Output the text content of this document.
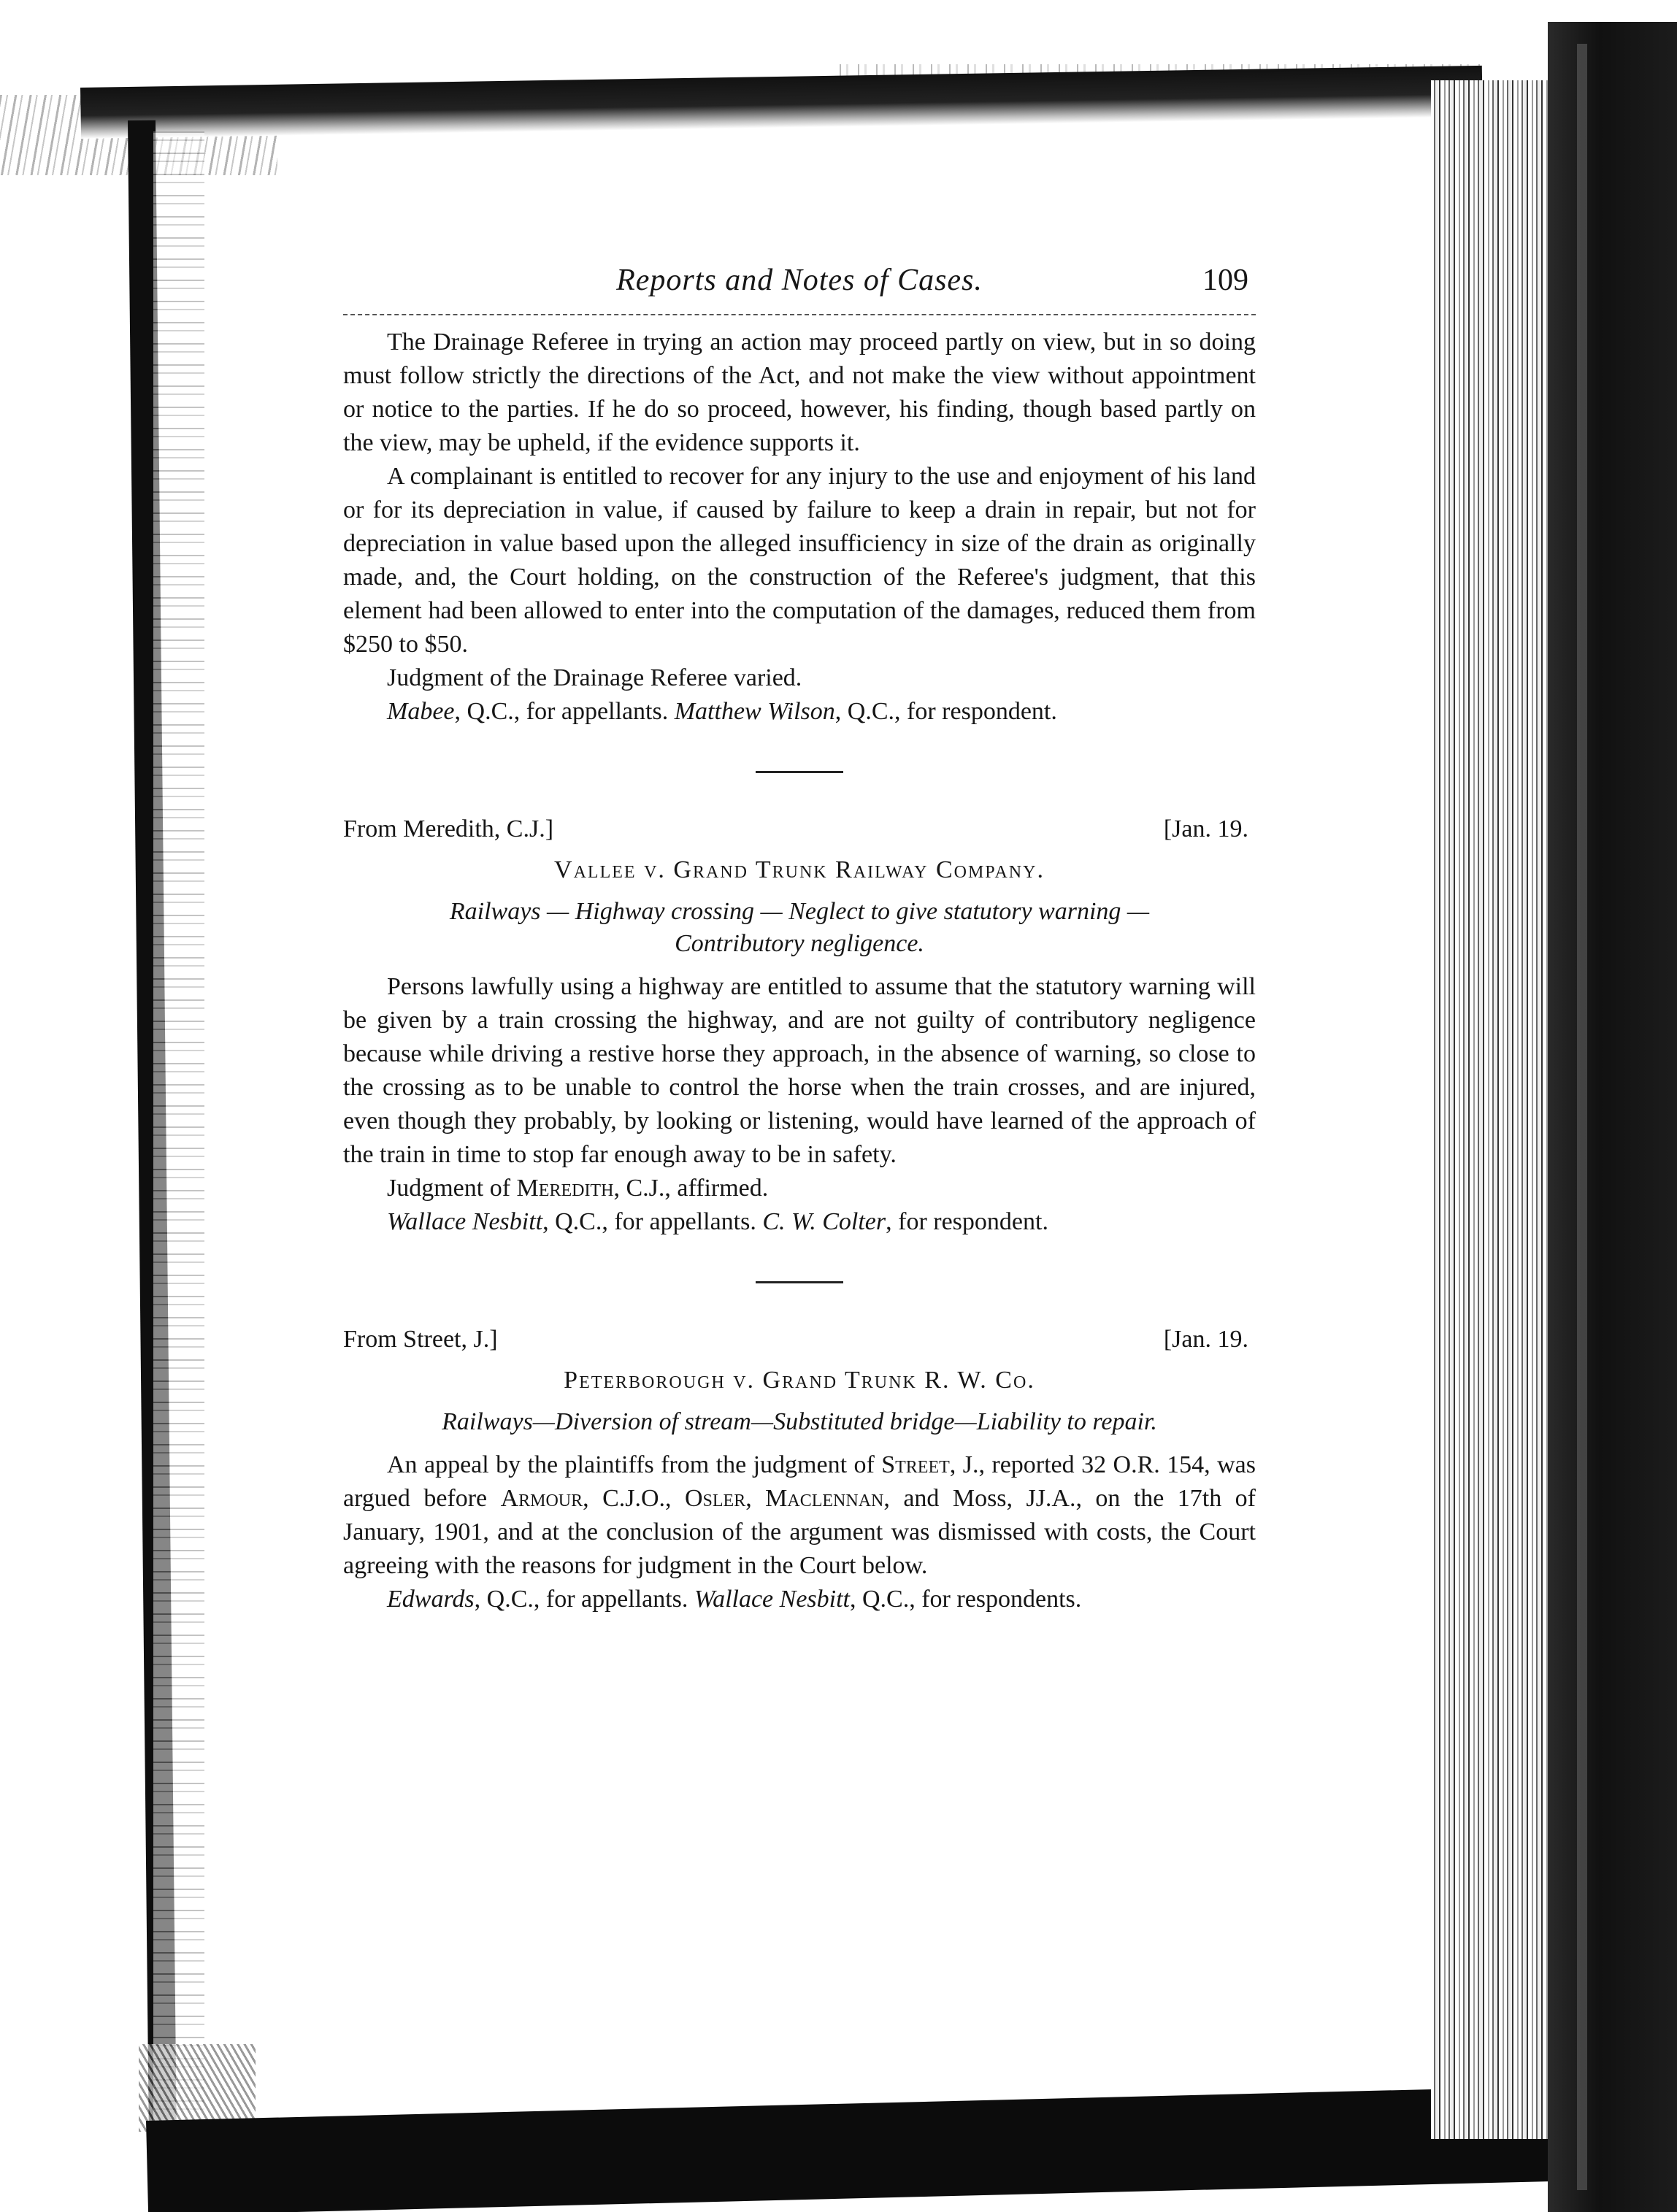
Reports and Notes of Cases.	109

The Drainage Referee in trying an action may proceed partly on view, but in so doing must follow strictly the directions of the Act, and not make the view without appointment or notice to the parties. If he do so proceed, however, his finding, though based partly on the view, may be upheld, if the evidence supports it.

A complainant is entitled to recover for any injury to the use and enjoyment of his land or for its depreciation in value, if caused by failure to keep a drain in repair, but not for depreciation in value based upon the alleged insufficiency in size of the drain as originally made, and, the Court holding, on the construction of the Referee's judgment, that this element had been allowed to enter into the computation of the damages, reduced them from $250 to $50.

Judgment of the Drainage Referee varied.

Mabee, Q.C., for appellants. Matthew Wilson, Q.C., for respondent.

From Meredith, C.J.]	[Jan. 19.
Vallee v. Grand Trunk Railway Company.
Railways — Highway crossing — Neglect to give statutory warning —
Contributory negligence.

Persons lawfully using a highway are entitled to assume that the statutory warning will be given by a train crossing the highway, and are not guilty of contributory negligence because while driving a restive horse they approach, in the absence of warning, so close to the crossing as to be unable to control the horse when the train crosses, and are injured, even though they probably, by looking or listening, would have learned of the approach of the train in time to stop far enough away to be in safety.

Judgment of Meredith, C.J., affirmed.

Wallace Nesbitt, Q.C., for appellants. C. W. Colter, for respondent.

From Street, J.]	[Jan. 19.
Peterborough v. Grand Trunk R. W. Co.
Railways—Diversion of stream—Substituted bridge—Liability to repair.

An appeal by the plaintiffs from the judgment of Street, J., reported 32 O.R. 154, was argued before Armour, C.J.O., Osler, Maclennan, and Moss, JJ.A., on the 17th of January, 1901, and at the conclusion of the argument was dismissed with costs, the Court agreeing with the reasons for judgment in the Court below.

Edwards, Q.C., for appellants. Wallace Nesbitt, Q.C., for respondents.
